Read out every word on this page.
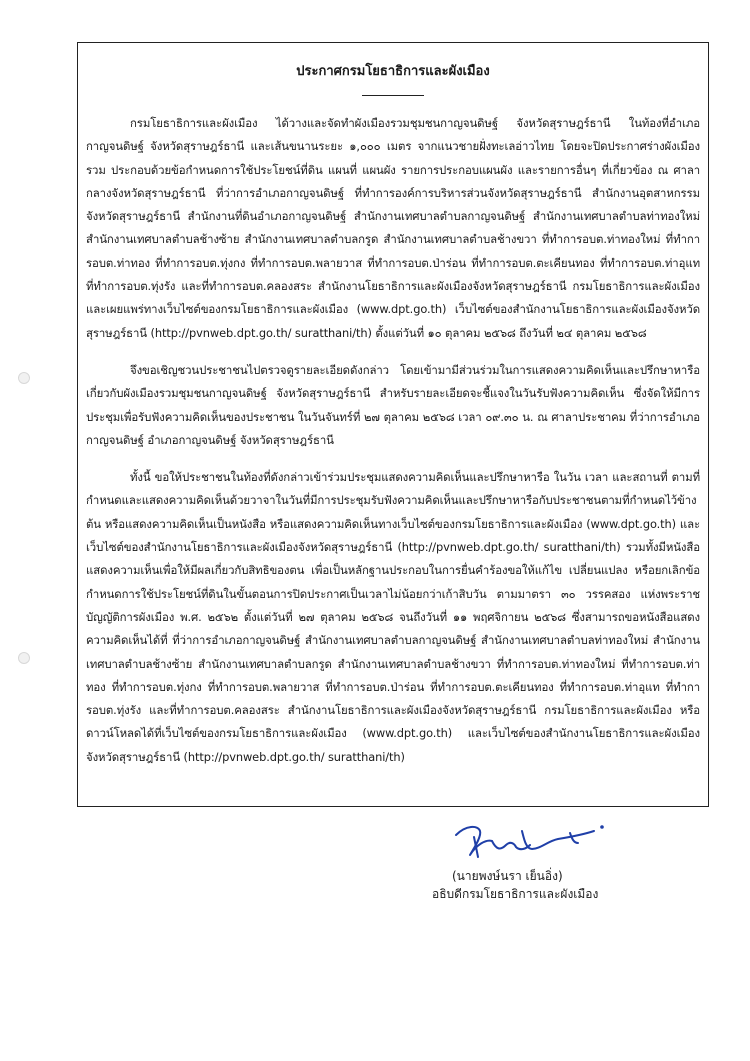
ประกาศกรมโยธาธิการและผังเมือง

กรมโยธาธิการและผังเมือง ได้วางและจัดทำผังเมืองรวมชุมชนกาญจนดิษฐ์ จังหวัดสุราษฎร์ธานี ในท้องที่อำเภอกาญจนดิษฐ์ จังหวัดสุราษฎร์ธานี และเส้นขนานระยะ ๑,๐๐๐ เมตร จากแนวชายฝั่งทะเลอ่าวไทย โดยจะปิดประกาศร่างผังเมืองรวม ประกอบด้วยข้อกำหนดการใช้ประโยชน์ที่ดิน แผนที่ แผนผัง รายการประกอบแผนผัง และรายการอื่นๆ ที่เกี่ยวข้อง ณ ศาลากลางจังหวัดสุราษฎร์ธานี ที่ว่าการอำเภอกาญจนดิษฐ์ ที่ทำการองค์การบริหารส่วนจังหวัดสุราษฎร์ธานี สำนักงานอุตสาหกรรมจังหวัดสุราษฎร์ธานี สำนักงานที่ดินอำเภอกาญจนดิษฐ์ สำนักงานเทศบาลตำบลกาญจนดิษฐ์ สำนักงานเทศบาลตำบลท่าทองใหม่ สำนักงานเทศบาลตำบลช้างซ้าย สำนักงานเทศบาลตำบลกรูด สำนักงานเทศบาลตำบลช้างขวา ที่ทำการอบต.ท่าทองใหม่ ที่ทำการอบต.ท่าทอง ที่ทำการอบต.ทุ่งกง ที่ทำการอบต.พลายวาส ที่ทำการอบต.ป่าร่อน ที่ทำการอบต.ตะเคียนทอง ที่ทำการอบต.ท่าอุแท ที่ทำการอบต.ทุ่งรัง และที่ทำการอบต.คลองสระ สำนักงานโยธาธิการและผังเมืองจังหวัดสุราษฎร์ธานี กรมโยธาธิการและผังเมือง และเผยแพร่ทางเว็บไซต์ของกรมโยธาธิการและผังเมือง (www.dpt.go.th) เว็บไซต์ของสำนักงานโยธาธิการและผังเมืองจังหวัดสุราษฎร์ธานี (http://pvnweb.dpt.go.th/ suratthani/th) ตั้งแต่วันที่ ๑๐ ตุลาคม ๒๕๖๘ ถึงวันที่ ๒๔ ตุลาคม ๒๕๖๘

จึงขอเชิญชวนประชาชนไปตรวจดูรายละเอียดดังกล่าว โดยเข้ามามีส่วนร่วมในการแสดงความคิดเห็นและปรึกษาหารือเกี่ยวกับผังเมืองรวมชุมชนกาญจนดิษฐ์ จังหวัดสุราษฎร์ธานี สำหรับรายละเอียดจะชี้แจงในวันรับฟังความคิดเห็น ซึ่งจัดให้มีการประชุมเพื่อรับฟังความคิดเห็นของประชาชน ในวันจันทร์ที่ ๒๗ ตุลาคม ๒๕๖๘ เวลา ๐๙.๓๐ น. ณ ศาลาประชาคม ที่ว่าการอำเภอกาญจนดิษฐ์ อำเภอกาญจนดิษฐ์ จังหวัดสุราษฎร์ธานี

ทั้งนี้ ขอให้ประชาชนในท้องที่ดังกล่าวเข้าร่วมประชุมแสดงความคิดเห็นและปรึกษาหารือ ในวัน เวลา และสถานที่ ตามที่กำหนดและแสดงความคิดเห็นด้วยวาจาในวันที่มีการประชุมรับฟังความคิดเห็นและปรึกษาหารือกับประชาชนตามที่กำหนดไว้ข้างต้น หรือแสดงความคิดเห็นเป็นหนังสือ หรือแสดงความคิดเห็นทางเว็บไซต์ของกรมโยธาธิการและผังเมือง (www.dpt.go.th) และเว็บไซต์ของสำนักงานโยธาธิการและผังเมืองจังหวัดสุราษฎร์ธานี (http://pvnweb.dpt.go.th/ suratthani/th) รวมทั้งมีหนังสือแสดงความเห็นเพื่อให้มีผลเกี่ยวกับสิทธิของตน เพื่อเป็นหลักฐานประกอบในการยื่นคำร้องขอให้แก้ไข เปลี่ยนแปลง หรือยกเลิกข้อกำหนดการใช้ประโยชน์ที่ดินในขั้นตอนการปิดประกาศเป็นเวลาไม่น้อยกว่าเก้าสิบวัน ตามมาตรา ๓๐ วรรคสอง แห่งพระราชบัญญัติการผังเมือง พ.ศ. ๒๕๖๒ ตั้งแต่วันที่ ๒๗ ตุลาคม ๒๕๖๘ จนถึงวันที่ ๑๑ พฤศจิกายน ๒๕๖๘ ซึ่งสามารถขอหนังสือแสดงความคิดเห็นได้ที่ ที่ว่าการอำเภอกาญจนดิษฐ์ สำนักงานเทศบาลตำบลกาญจนดิษฐ์ สำนักงานเทศบาลตำบลท่าทองใหม่ สำนักงานเทศบาลตำบลช้างซ้าย สำนักงานเทศบาลตำบลกรูด สำนักงานเทศบาลตำบลช้างขวา ที่ทำการอบต.ท่าทองใหม่ ที่ทำการอบต.ท่าทอง ที่ทำการอบต.ทุ่งกง ที่ทำการอบต.พลายวาส ที่ทำการอบต.ป่าร่อน ที่ทำการอบต.ตะเคียนทอง ที่ทำการอบต.ท่าอุแท ที่ทำการอบต.ทุ่งรัง และที่ทำการอบต.คลองสระ สำนักงานโยธาธิการและผังเมืองจังหวัดสุราษฎร์ธานี กรมโยธาธิการและผังเมือง หรือดาวน์โหลดได้ที่เว็บไซต์ของกรมโยธาธิการและผังเมือง (www.dpt.go.th) และเว็บไซต์ของสำนักงานโยธาธิการและผังเมืองจังหวัดสุราษฎร์ธานี (http://pvnweb.dpt.go.th/ suratthani/th)

(นายพงษ์นรา เย็นอิ่ง)
อธิบดีกรมโยธาธิการและผังเมือง
